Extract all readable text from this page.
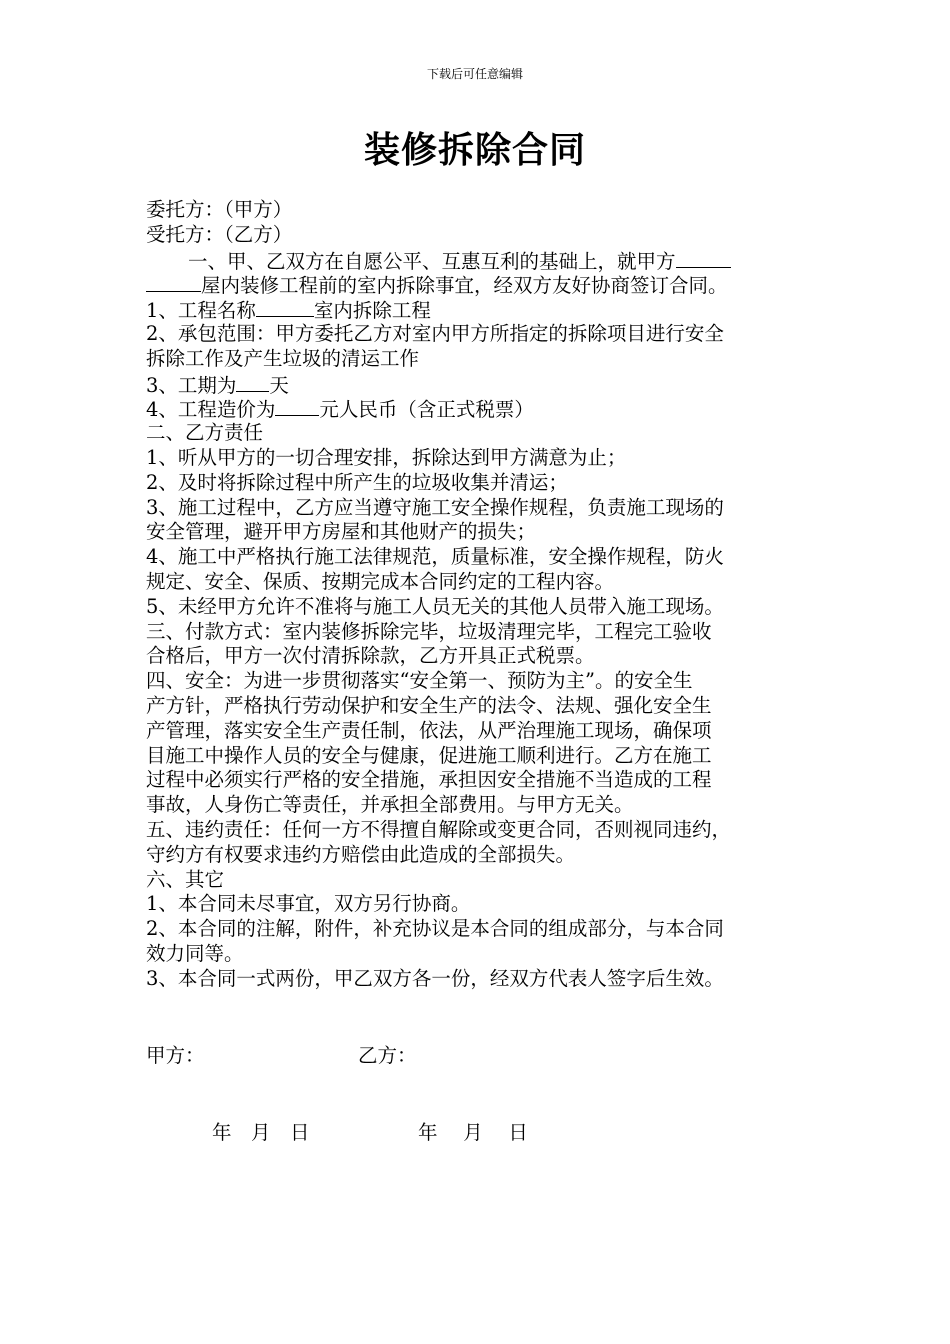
下载后可任意编辑
装修拆除合同
委托方：（甲方）
受托方：（乙方）
一、甲、乙双方在自愿公平、互惠互利的基础上，就甲方
屋内装修工程前的室内拆除事宜，经双方友好协商签订合同。
1、工程名称	室内拆除工程
2、承包范围：甲方委托乙方对室内甲方所指定的拆除项目进行安全
拆除工作及产生垃圾的清运工作
3、工期为 天
4、工程造价为 元人民币（含正式税票）
二、乙方责任
1、听从甲方的一切合理安排，拆除达到甲方满意为止；
2、及时将拆除过程中所产生的垃圾收集并清运；
3、施工过程中，乙方应当遵守施工安全操作规程，负责施工现场的
安全管理，避开甲方房屋和其他财产的损失；
4、施工中严格执行施工法律规范，质量标准，安全操作规程，防火
规定、安全、保质、按期完成本合同约定的工程内容。
5、未经甲方允许不准将与施工人员无关的其他人员带入施工现场。
三、付款方式：室内装修拆除完毕，垃圾清理完毕，工程完工验收
合格后，甲方一次付清拆除款，乙方开具正式税票。
四、安全：为进一步贯彻落实“安全第一、预防为主”。的安全生
产方针，严格执行劳动保护和安全生产的法令、法规、强化安全生
产管理，落实安全生产责任制，依法，从严治理施工现场，确保项
目施工中操作人员的安全与健康，促进施工顺利进行。乙方在施工
过程中必须实行严格的安全措施，承担因安全措施不当造成的工程
事故，人身伤亡等责任，并承担全部费用。与甲方无关。
五、违约责任：任何一方不得擅自解除或变更合同，否则视同违约，
守约方有权要求违约方赔偿由此造成的全部损失。
六、其它
1、本合同未尽事宜，双方另行协商。
2、本合同的注解，附件，补充协议是本合同的组成部分，与本合同
效力同等。
3、本合同一式两份，甲乙双方各一份，经双方代表人签字后生效。
甲方：	乙方：
年　月　日	年　 月　 日
